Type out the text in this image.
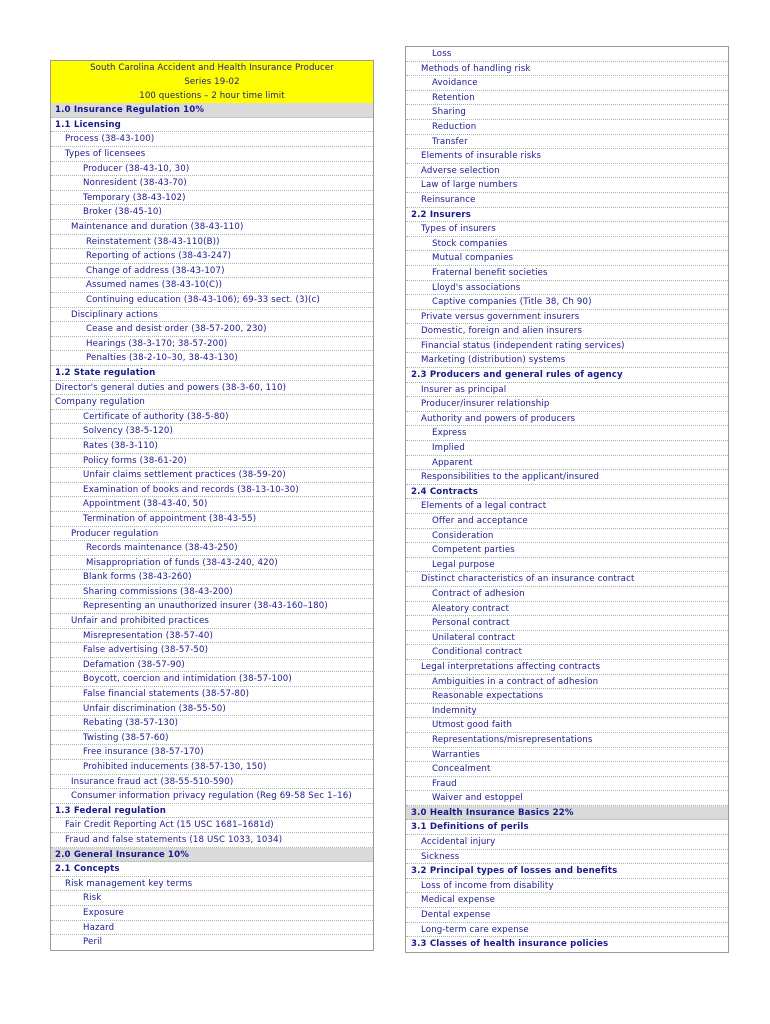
South Carolina Accident and Health Insurance Producer
Series 19-02
100 questions – 2 hour time limit
1.0 Insurance Regulation 10%
1.1 Licensing
Process (38-43-100)
Types of licensees
Producer (38-43-10, 30)
Nonresident (38-43-70)
Temporary (38-43-102)
Broker (38-45-10)
Maintenance and duration (38-43-110)
Reinstatement (38-43-110(B))
Reporting of actions (38-43-247)
Change of address (38-43-107)
Assumed names (38-43-10(C))
Continuing education (38-43-106); 69-33 sect. (3)(c)
Disciplinary actions
Cease and desist order (38-57-200, 230)
Hearings (38-3-170; 38-57-200)
Penalties (38-2-10–30, 38-43-130)
1.2 State regulation
Director's general duties and powers (38-3-60, 110)
Company regulation
Certificate of authority (38-5-80)
Solvency (38-5-120)
Rates (38-3-110)
Policy forms (38-61-20)
Unfair claims settlement practices (38-59-20)
Examination of books and records (38-13-10-30)
Appointment (38-43-40, 50)
Termination of appointment (38-43-55)
Producer regulation
Records maintenance (38-43-250)
Misappropriation of funds (38-43-240, 420)
Blank forms (38-43-260)
Sharing commissions (38-43-200)
Representing an unauthorized insurer (38-43-160–180)
Unfair and prohibited practices
Misrepresentation (38-57-40)
False advertising (38-57-50)
Defamation (38-57-90)
Boycott, coercion and intimidation (38-57-100)
False financial statements (38-57-80)
Unfair discrimination (38-55-50)
Rebating (38-57-130)
Twisting (38-57-60)
Free insurance (38-57-170)
Prohibited inducements (38-57-130, 150)
Insurance fraud act (38-55-510-590)
Consumer information privacy regulation (Reg 69-58 Sec 1–16)
1.3 Federal regulation
Fair Credit Reporting Act (15 USC 1681–1681d)
Fraud and false statements (18 USC 1033, 1034)
2.0 General Insurance 10%
2.1 Concepts
Risk management key terms
Risk
Exposure
Hazard
Peril
Loss
Methods of handling risk
Avoidance
Retention
Sharing
Reduction
Transfer
Elements of insurable risks
Adverse selection
Law of large numbers
Reinsurance
2.2 Insurers
Types of insurers
Stock companies
Mutual companies
Fraternal benefit societies
Lloyd's associations
Captive companies (Title 38, Ch 90)
Private versus government insurers
Domestic, foreign and alien insurers
Financial status (independent rating services)
Marketing (distribution) systems
2.3 Producers and general rules of agency
Insurer as principal
Producer/insurer relationship
Authority and powers of producers
Express
Implied
Apparent
Responsibilities to the applicant/insured
2.4 Contracts
Elements of a legal contract
Offer and acceptance
Consideration
Competent parties
Legal purpose
Distinct characteristics of an insurance contract
Contract of adhesion
Aleatory contract
Personal contract
Unilateral contract
Conditional contract
Legal interpretations affecting contracts
Ambiguities in a contract of adhesion
Reasonable expectations
Indemnity
Utmost good faith
Representations/misrepresentations
Warranties
Concealment
Fraud
Waiver and estoppel
3.0 Health Insurance Basics 22%
3.1 Definitions of perils
Accidental injury
Sickness
3.2 Principal types of losses and benefits
Loss of income from disability
Medical expense
Dental expense
Long-term care expense
3.3 Classes of health insurance policies
